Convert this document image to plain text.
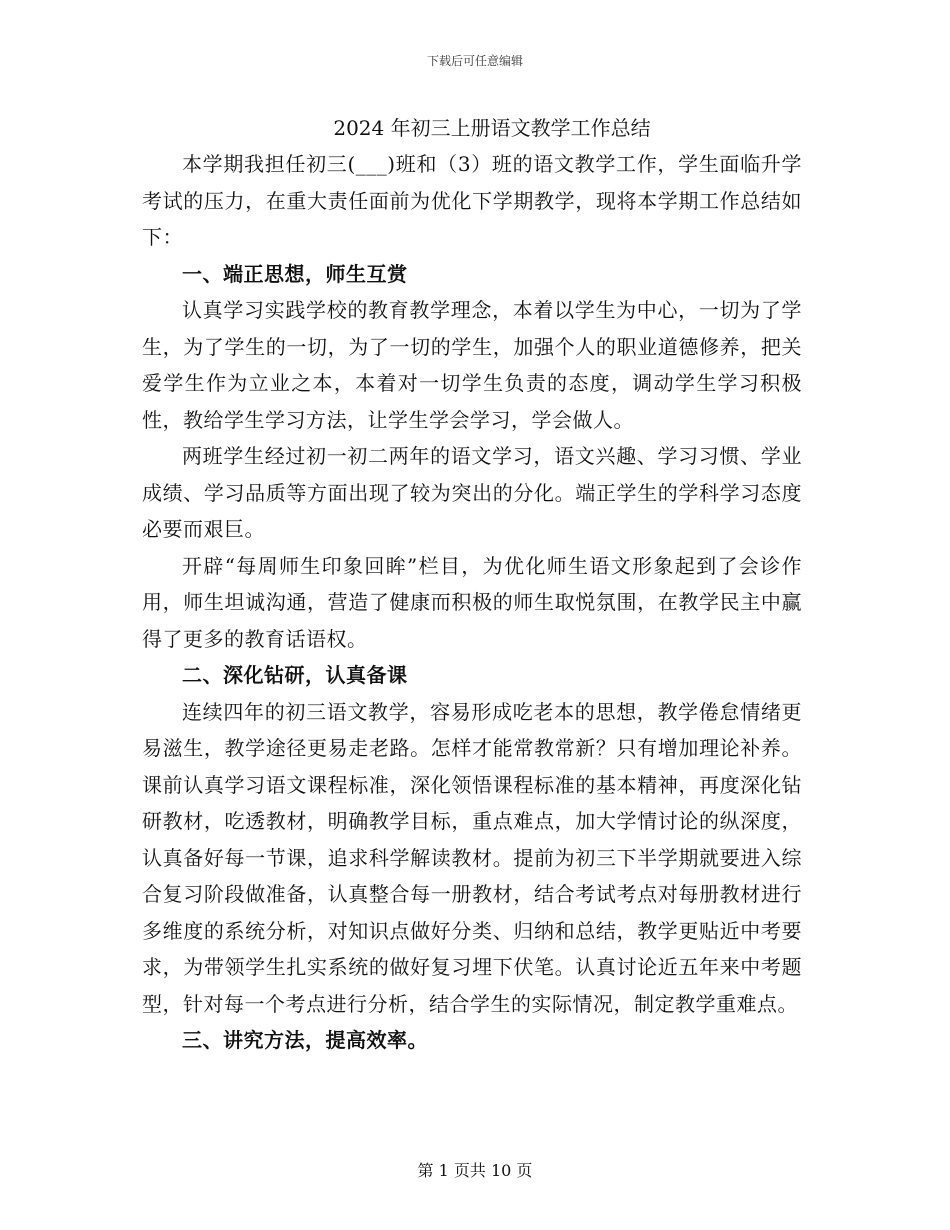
下载后可任意编辑
2024 年初三上册语文教学工作总结

本学期我担任初三(___)班和（3）班的语文教学工作，学生面临升学考试的压力，在重大责任面前为优化下学期教学，现将本学期工作总结如下：

一、端正思想，师生互赏

认真学习实践学校的教育教学理念，本着以学生为中心，一切为了学生，为了学生的一切，为了一切的学生，加强个人的职业道德修养，把关爱学生作为立业之本，本着对一切学生负责的态度，调动学生学习积极性，教给学生学习方法，让学生学会学习，学会做人。

两班学生经过初一初二两年的语文学习，语文兴趣、学习习惯、学业成绩、学习品质等方面出现了较为突出的分化。端正学生的学科学习态度必要而艰巨。

开辟“每周师生印象回眸”栏目，为优化师生语文形象起到了会诊作用，师生坦诚沟通，营造了健康而积极的师生取悦氛围，在教学民主中赢得了更多的教育话语权。

二、深化钻研，认真备课

连续四年的初三语文教学，容易形成吃老本的思想，教学倦怠情绪更易滋生，教学途径更易走老路。怎样才能常教常新？只有增加理论补养。课前认真学习语文课程标准，深化领悟课程标准的基本精神，再度深化钻研教材，吃透教材，明确教学目标，重点难点，加大学情讨论的纵深度，认真备好每一节课，追求科学解读教材。提前为初三下半学期就要进入综合复习阶段做准备，认真整合每一册教材，结合考试考点对每册教材进行多维度的系统分析，对知识点做好分类、归纳和总结，教学更贴近中考要求，为带领学生扎实系统的做好复习埋下伏笔。认真讨论近五年来中考题型，针对每一个考点进行分析，结合学生的实际情况，制定教学重难点。

三、讲究方法，提高效率。

第 1 页共 10 页
